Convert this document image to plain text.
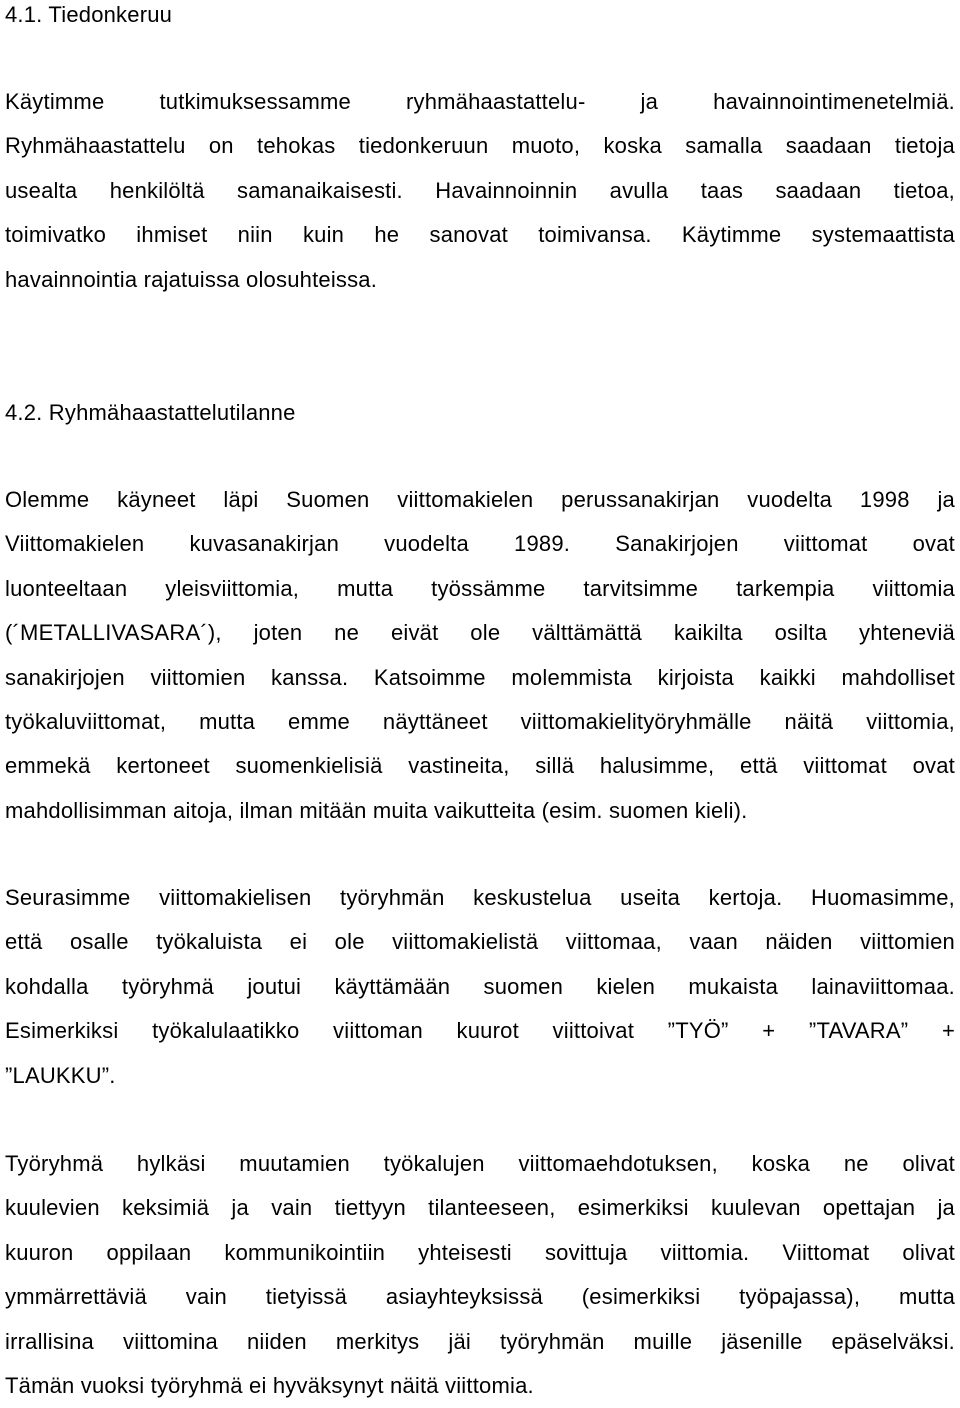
4.1. Tiedonkeruu
Käytimme tutkimuksessamme ryhmähaastattelu- ja havainnointimenetelmiä.
Ryhmähaastattelu on tehokas tiedonkeruun muoto, koska samalla saadaan tietoja
usealta henkilöltä samanaikaisesti. Havainnoinnin avulla taas saadaan tietoa,
toimivatko ihmiset niin kuin he sanovat toimivansa. Käytimme systemaattista
havainnointia rajatuissa olosuhteissa.
4.2. Ryhmähaastattelutilanne
Olemme käyneet läpi Suomen viittomakielen perussanakirjan vuodelta 1998 ja
Viittomakielen kuvasanakirjan vuodelta 1989. Sanakirjojen viittomat ovat
luonteeltaan yleisviittomia, mutta työssämme tarvitsimme tarkempia viittomia
(´METALLIVASARA´), joten ne eivät ole välttämättä kaikilta osilta yhteneviä
sanakirjojen viittomien kanssa. Katsoimme molemmista kirjoista kaikki mahdolliset
työkaluviittomat, mutta emme näyttäneet viittomakielityöryhmälle näitä viittomia,
emmekä kertoneet suomenkielisiä vastineita, sillä halusimme, että viittomat ovat
mahdollisimman aitoja, ilman mitään muita vaikutteita (esim. suomen kieli).
Seurasimme viittomakielisen työryhmän keskustelua useita kertoja. Huomasimme,
että osalle työkaluista ei ole viittomakielistä viittomaa, vaan näiden viittomien
kohdalla työryhmä joutui käyttämään suomen kielen mukaista lainaviittomaa.
Esimerkiksi työkalulaatikko viittoman kuurot viittoivat ”TYÖ” + ”TAVARA” +
”LAUKKU”.
Työryhmä hylkäsi muutamien työkalujen viittomaehdotuksen, koska ne olivat
kuulevien keksimiä ja vain tiettyyn tilanteeseen, esimerkiksi kuulevan opettajan ja
kuuron oppilaan kommunikointiin yhteisesti sovittuja viittomia. Viittomat olivat
ymmärrettäviä vain tietyissä asiayhteyksissä (esimerkiksi työpajassa), mutta
irrallisina viittomina niiden merkitys jäi työryhmän muille jäsenille epäselväksi.
Tämän vuoksi työryhmä ei hyväksynyt näitä viittomia.
